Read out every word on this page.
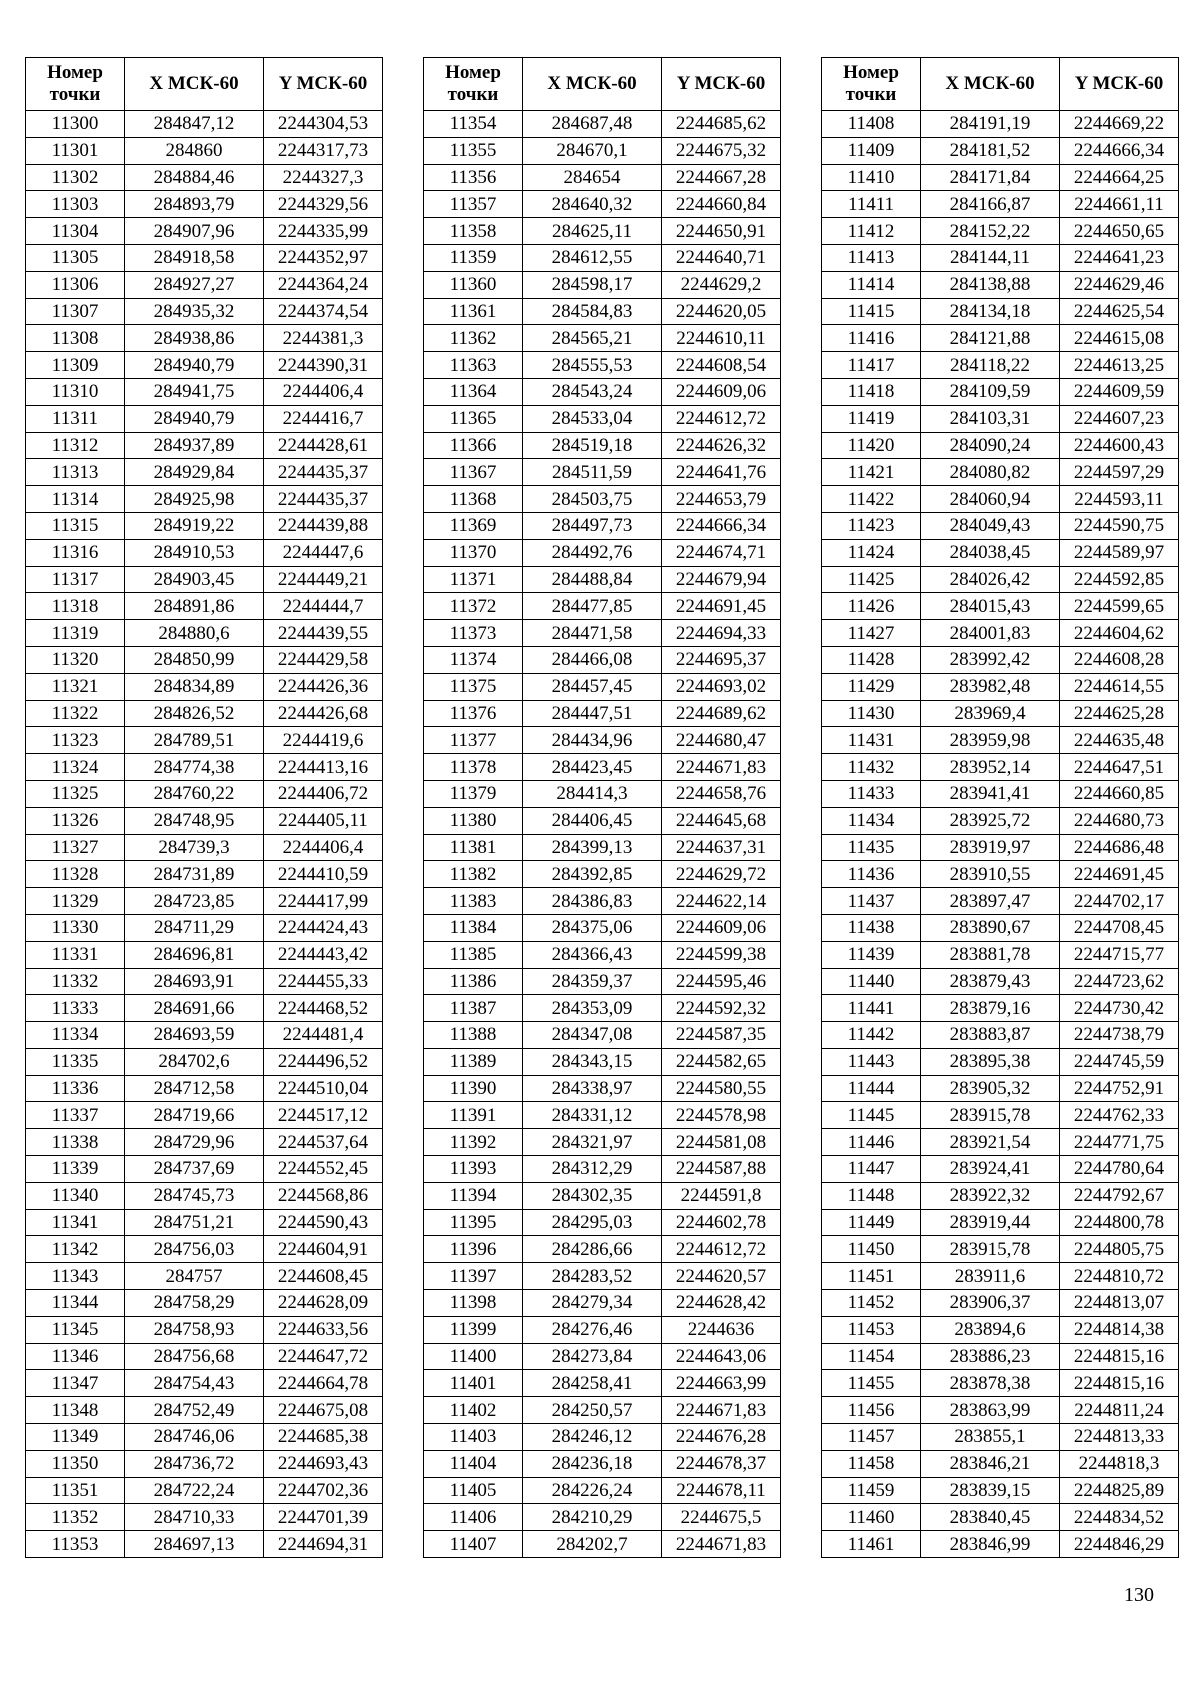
Номер точки	X МСК-60	Y МСК-60
11300	284847,12	2244304,53
11301	284860	2244317,73
11302	284884,46	2244327,3
11303	284893,79	2244329,56
11304	284907,96	2244335,99
11305	284918,58	2244352,97
11306	284927,27	2244364,24
11307	284935,32	2244374,54
11308	284938,86	2244381,3
11309	284940,79	2244390,31
11310	284941,75	2244406,4
11311	284940,79	2244416,7
11312	284937,89	2244428,61
11313	284929,84	2244435,37
11314	284925,98	2244435,37
11315	284919,22	2244439,88
11316	284910,53	2244447,6
11317	284903,45	2244449,21
11318	284891,86	2244444,7
11319	284880,6	2244439,55
11320	284850,99	2244429,58
11321	284834,89	2244426,36
11322	284826,52	2244426,68
11323	284789,51	2244419,6
11324	284774,38	2244413,16
11325	284760,22	2244406,72
11326	284748,95	2244405,11
11327	284739,3	2244406,4
11328	284731,89	2244410,59
11329	284723,85	2244417,99
11330	284711,29	2244424,43
11331	284696,81	2244443,42
11332	284693,91	2244455,33
11333	284691,66	2244468,52
11334	284693,59	2244481,4
11335	284702,6	2244496,52
11336	284712,58	2244510,04
11337	284719,66	2244517,12
11338	284729,96	2244537,64
11339	284737,69	2244552,45
11340	284745,73	2244568,86
11341	284751,21	2244590,43
11342	284756,03	2244604,91
11343	284757	2244608,45
11344	284758,29	2244628,09
11345	284758,93	2244633,56
11346	284756,68	2244647,72
11347	284754,43	2244664,78
11348	284752,49	2244675,08
11349	284746,06	2244685,38
11350	284736,72	2244693,43
11351	284722,24	2244702,36
11352	284710,33	2244701,39
11353	284697,13	2244694,31
Номер точки	X МСК-60	Y МСК-60
11354	284687,48	2244685,62
11355	284670,1	2244675,32
11356	284654	2244667,28
11357	284640,32	2244660,84
11358	284625,11	2244650,91
11359	284612,55	2244640,71
11360	284598,17	2244629,2
11361	284584,83	2244620,05
11362	284565,21	2244610,11
11363	284555,53	2244608,54
11364	284543,24	2244609,06
11365	284533,04	2244612,72
11366	284519,18	2244626,32
11367	284511,59	2244641,76
11368	284503,75	2244653,79
11369	284497,73	2244666,34
11370	284492,76	2244674,71
11371	284488,84	2244679,94
11372	284477,85	2244691,45
11373	284471,58	2244694,33
11374	284466,08	2244695,37
11375	284457,45	2244693,02
11376	284447,51	2244689,62
11377	284434,96	2244680,47
11378	284423,45	2244671,83
11379	284414,3	2244658,76
11380	284406,45	2244645,68
11381	284399,13	2244637,31
11382	284392,85	2244629,72
11383	284386,83	2244622,14
11384	284375,06	2244609,06
11385	284366,43	2244599,38
11386	284359,37	2244595,46
11387	284353,09	2244592,32
11388	284347,08	2244587,35
11389	284343,15	2244582,65
11390	284338,97	2244580,55
11391	284331,12	2244578,98
11392	284321,97	2244581,08
11393	284312,29	2244587,88
11394	284302,35	2244591,8
11395	284295,03	2244602,78
11396	284286,66	2244612,72
11397	284283,52	2244620,57
11398	284279,34	2244628,42
11399	284276,46	2244636
11400	284273,84	2244643,06
11401	284258,41	2244663,99
11402	284250,57	2244671,83
11403	284246,12	2244676,28
11404	284236,18	2244678,37
11405	284226,24	2244678,11
11406	284210,29	2244675,5
11407	284202,7	2244671,83
Номер точки	X МСК-60	Y МСК-60
11408	284191,19	2244669,22
11409	284181,52	2244666,34
11410	284171,84	2244664,25
11411	284166,87	2244661,11
11412	284152,22	2244650,65
11413	284144,11	2244641,23
11414	284138,88	2244629,46
11415	284134,18	2244625,54
11416	284121,88	2244615,08
11417	284118,22	2244613,25
11418	284109,59	2244609,59
11419	284103,31	2244607,23
11420	284090,24	2244600,43
11421	284080,82	2244597,29
11422	284060,94	2244593,11
11423	284049,43	2244590,75
11424	284038,45	2244589,97
11425	284026,42	2244592,85
11426	284015,43	2244599,65
11427	284001,83	2244604,62
11428	283992,42	2244608,28
11429	283982,48	2244614,55
11430	283969,4	2244625,28
11431	283959,98	2244635,48
11432	283952,14	2244647,51
11433	283941,41	2244660,85
11434	283925,72	2244680,73
11435	283919,97	2244686,48
11436	283910,55	2244691,45
11437	283897,47	2244702,17
11438	283890,67	2244708,45
11439	283881,78	2244715,77
11440	283879,43	2244723,62
11441	283879,16	2244730,42
11442	283883,87	2244738,79
11443	283895,38	2244745,59
11444	283905,32	2244752,91
11445	283915,78	2244762,33
11446	283921,54	2244771,75
11447	283924,41	2244780,64
11448	283922,32	2244792,67
11449	283919,44	2244800,78
11450	283915,78	2244805,75
11451	283911,6	2244810,72
11452	283906,37	2244813,07
11453	283894,6	2244814,38
11454	283886,23	2244815,16
11455	283878,38	2244815,16
11456	283863,99	2244811,24
11457	283855,1	2244813,33
11458	283846,21	2244818,3
11459	283839,15	2244825,89
11460	283840,45	2244834,52
11461	283846,99	2244846,29
130
